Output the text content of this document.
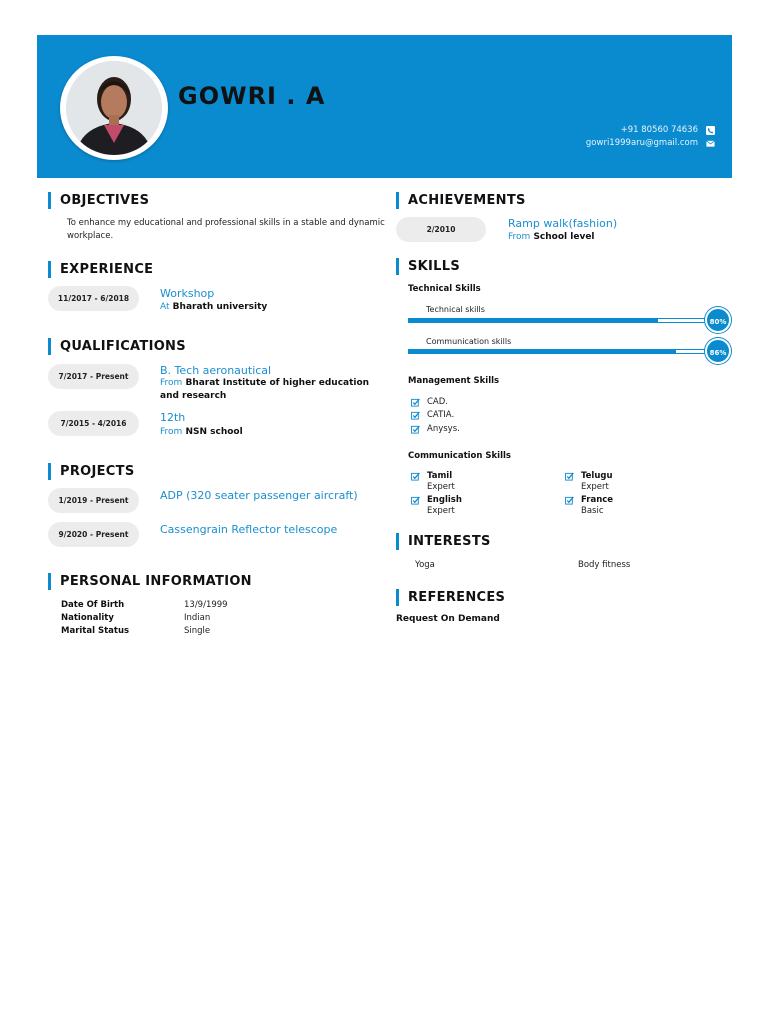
GOWRI . A
+91 80560 74636
gowri1999aru@gmail.com
OBJECTIVES
To enhance my educational and professional skills in a stable and dynamic
workplace.
EXPERIENCE
11/2017 - 6/2018	Workshop
At Bharath university
QUALIFICATIONS
7/2017 - Present	B. Tech aeronautical
From Bharat Institute of higher education
and research
7/2015 - 4/2016	12th
From NSN school
PROJECTS
1/2019 - Present	ADP (320 seater passenger aircraft)
9/2020 - Present	Cassengrain Reflector telescope
PERSONAL INFORMATION
Date Of Birth	13/9/1999
Nationality	Indian
Marital Status	Single
ACHIEVEMENTS
2/2010	Ramp walk(fashion)
From School level
SKILLS
Technical Skills
Technical skills
80%
Communication skills
86%
Management Skills
CAD.
CATIA.
Anysys.
Communication Skills
Tamil
Expert
Telugu
Expert
English
Expert
France
Basic
INTERESTS
Yoga	Body fitness
REFERENCES
Request On Demand
